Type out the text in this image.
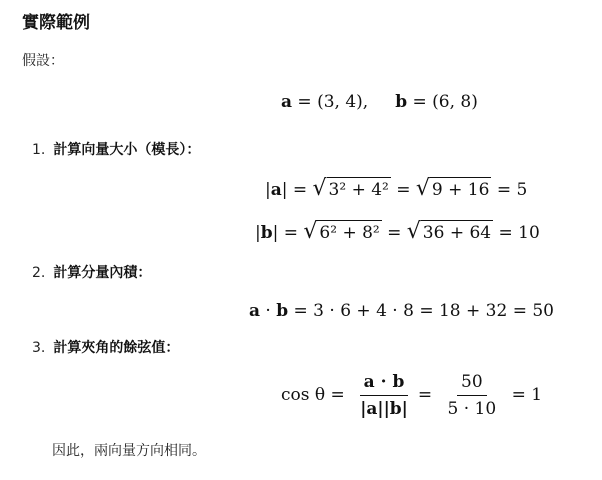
實際範例
假設：
a = (3, 4), b = (6, 8)
1. 計算向量大小（模長）：
|a| = √ 3² + 4² = √ 9 + 16 = 5
|b| = √ 6² + 8² = √ 36 + 64 = 10
2. 計算分量內積：
a · b = 3 · 6 + 4 · 8 = 18 + 32 = 50
3. 計算夾角的餘弦值：
$\cos \theta = \frac{a \cdot b}{|a||b|} = \frac{50}{5 \cdot 10} = 1$
因此，兩向量方向相同。
